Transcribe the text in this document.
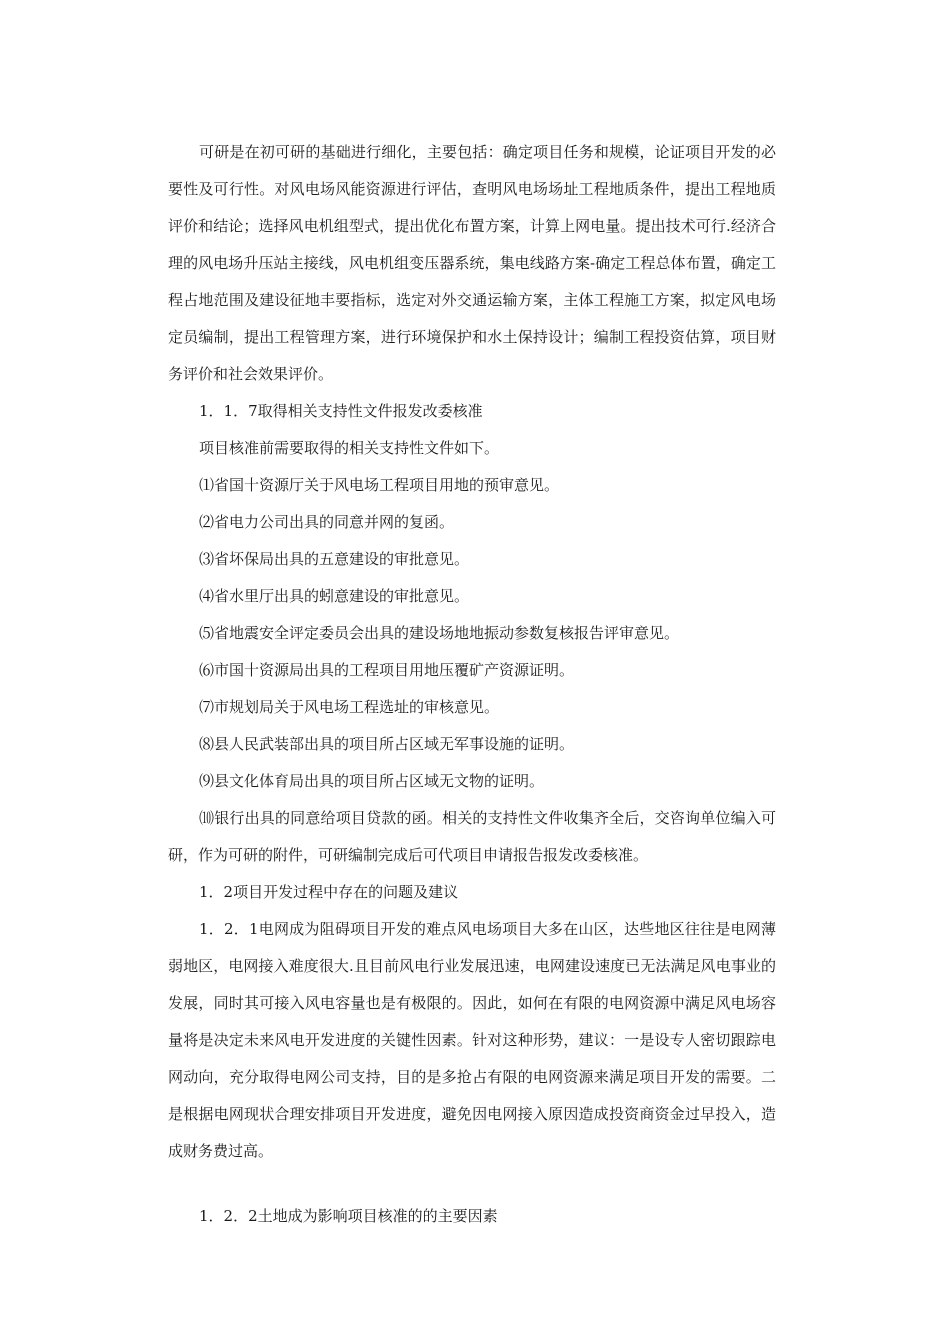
可研是在初可研的基础进行细化，主要包括：确定项目任务和规模，论证项目开发的必要性及可行性。对风电场风能资源进行评估，查明风电场场址工程地质条件，提出工程地质评价和结论；选择风电机组型式，提出优化布置方案，计算上网电量。提出技术可行.经济合理的风电场升压站主接线，风电机组变压器系统，集电线路方案-确定工程总体布置，确定工程占地范围及建设征地丰要指标，选定对外交通运输方案，主体工程施工方案，拟定风电场定员编制，提出工程管理方案，进行环境保护和水土保持设计；编制工程投资估算，项目财务评价和社会效果评价。

1．1．7取得相关支持性文件报发改委核准

项目核准前需要取得的相关支持性文件如下。

⑴省国十资源厅关于风电场工程项目用地的预审意见。

⑵省电力公司出具的同意并网的复函。

⑶省坏保局出具的五意建设的审批意见。

⑷省水里厅出具的蚓意建设的审批意见。

⑸省地震安全评定委员会出具的建设场地地振动参数复核报告评审意见。

⑹市国十资源局出具的工程项目用地压覆矿产资源证明。

⑺市规划局关于风电场工程选址的审核意见。

⑻县人民武装部出具的项目所占区域无军事设施的证明。

⑼县文化体育局出具的项目所占区域无文物的证明。

⑽银行出具的同意给项目贷款的函。相关的支持性文件收集齐全后，交咨询单位编入可研，作为可研的附件，可研编制完成后可代项目申请报告报发改委核准。

1．2项目开发过程中存在的问题及建议

1．2．1电网成为阻碍项目开发的难点风电场项目大多在山区，达些地区往往是电网薄弱地区，电网接入难度很大.且目前风电行业发展迅速，电网建设速度已无法满足风电事业的发展，同时其可接入风电容量也是有极限的。因此，如何在有限的电网资源中满足风电场容量将是决定未来风电开发进度的关键性因素。针对这种形势，建议：一是设专人密切跟踪电网动向，充分取得电网公司支持，目的是多抢占有限的电网资源来满足项目开发的需要。二是根据电网现状合理安排项目开发进度，避免因电网接入原因造成投资商资金过早投入，造成财务费过高。

1．2．2土地成为影响项目核准的的主要因素
